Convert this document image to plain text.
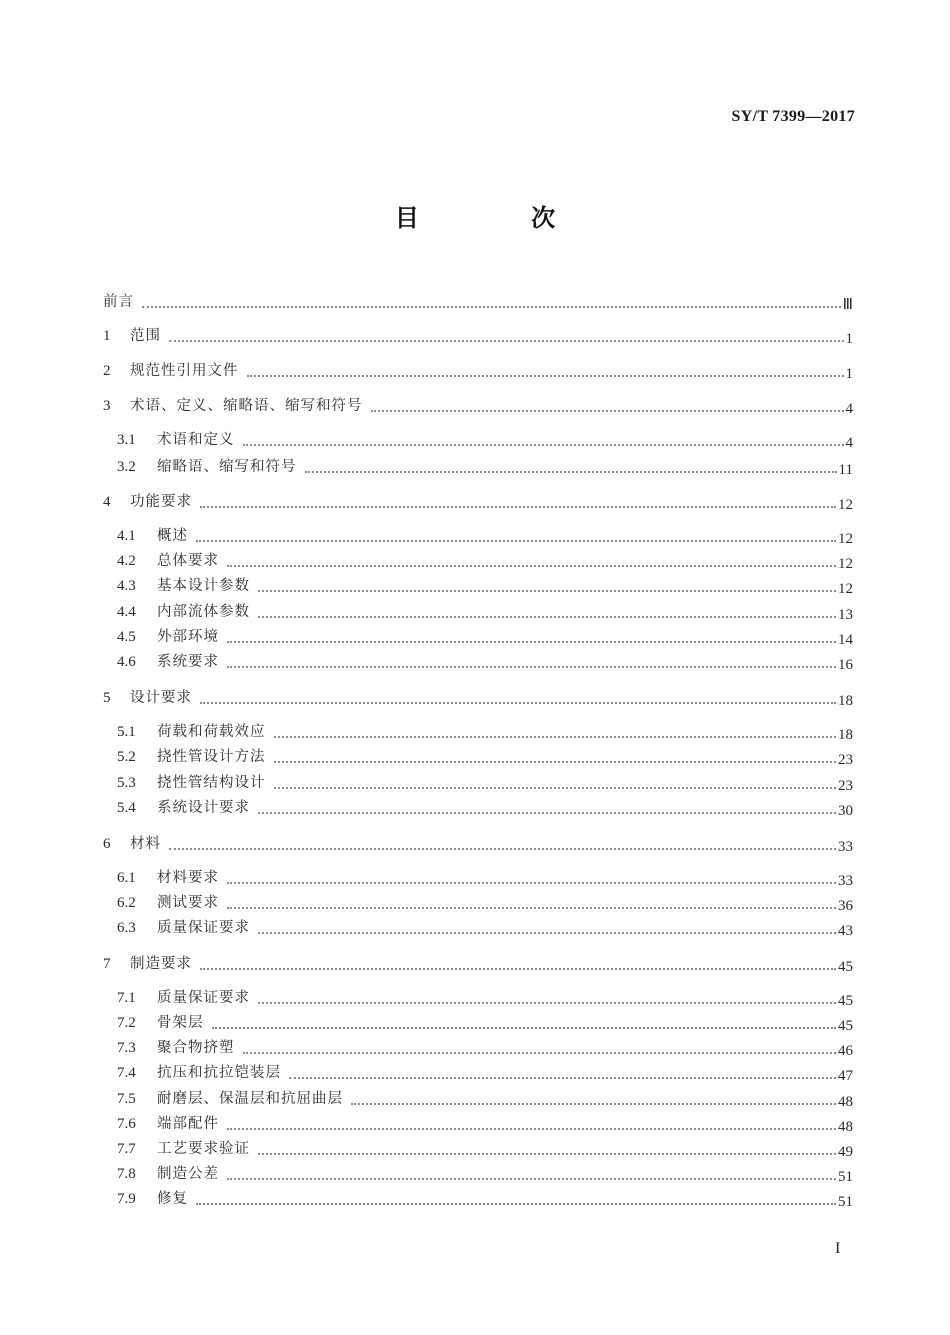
SY/T 7399—2017
目 次
前言	Ⅲ
1	范围	1
2	规范性引用文件	1
3	术语、定义、缩略语、缩写和符号	4
3.1	术语和定义	4
3.2	缩略语、缩写和符号	11
4	功能要求	12
4.1	概述	12
4.2	总体要求	12
4.3	基本设计参数	12
4.4	内部流体参数	13
4.5	外部环境	14
4.6	系统要求	16
5	设计要求	18
5.1	荷载和荷载效应	18
5.2	挠性管设计方法	23
5.3	挠性管结构设计	23
5.4	系统设计要求	30
6	材料	33
6.1	材料要求	33
6.2	测试要求	36
6.3	质量保证要求	43
7	制造要求	45
7.1	质量保证要求	45
7.2	骨架层	45
7.3	聚合物挤塑	46
7.4	抗压和抗拉铠装层	47
7.5	耐磨层、保温层和抗屈曲层	48
7.6	端部配件	48
7.7	工艺要求验证	49
7.8	制造公差	51
7.9	修复	51
I
